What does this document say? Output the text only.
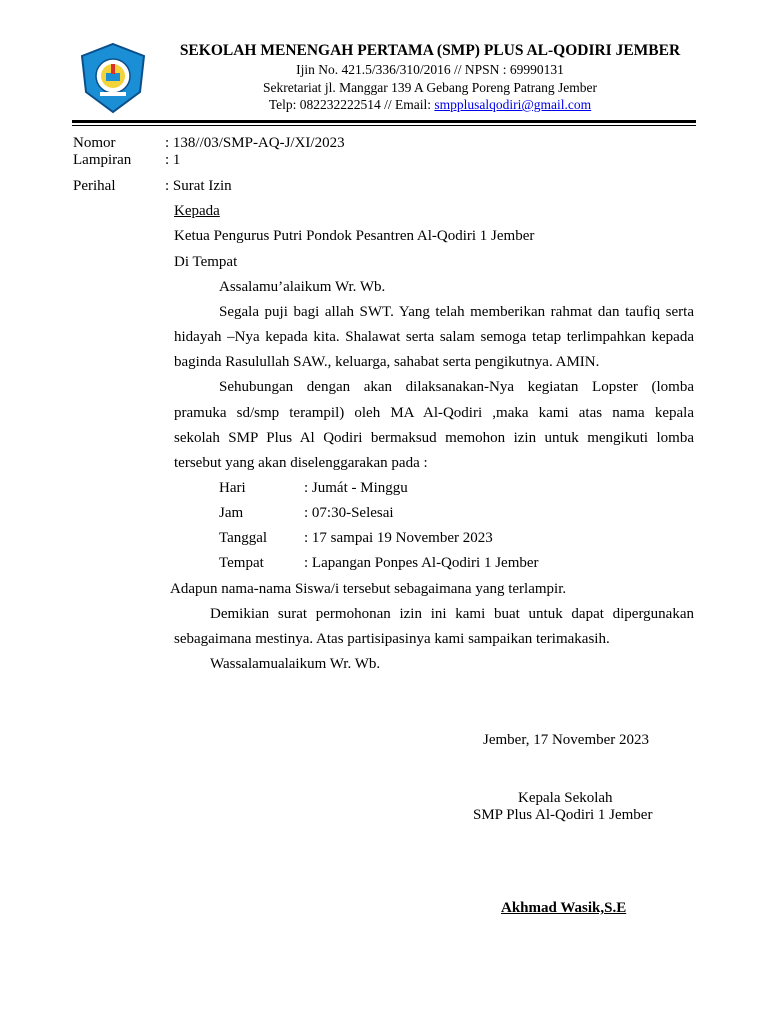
SEKOLAH MENENGAH PERTAMA (SMP) PLUS AL-QODIRI JEMBER
Ijin No. 421.5/336/310/2016 // NPSN : 69990131
Sekretariat jl. Manggar 139 A Gebang Poreng Patrang Jember
Telp: 082232222514 // Email: smpplusalqodiri@gmail.com
Nomor	: 138//03/SMP-AQ-J/XI/2023
Lampiran : 1
Perihal	: Surat Izin
Kepada
Ketua Pengurus Putri Pondok Pesantren Al-Qodiri 1 Jember
Di Tempat
Assalamu’alaikum Wr. Wb.
Segala puji bagi allah SWT. Yang telah memberikan rahmat dan taufiq serta
hidayah –Nya kepada kita. Shalawat serta salam semoga tetap terlimpahkan kepada
baginda Rasulullah SAW., keluarga, sahabat serta pengikutnya. AMIN.
Sehubungan dengan akan dilaksanakan-Nya kegiatan Lopster (lomba
pramuka sd/smp terampil) oleh MA Al-Qodiri ,maka kami atas nama kepala
sekolah SMP Plus Al Qodiri bermaksud memohon izin untuk mengikuti lomba
tersebut yang akan diselenggarakan pada :
Hari	: Jumát - Minggu
Jam	: 07:30-Selesai
Tanggal : 17 sampai 19 November 2023
Tempat	: Lapangan Ponpes Al-Qodiri 1 Jember
Adapun nama-nama Siswa/i tersebut sebagaimana yang terlampir.
Demikian surat permohonan izin ini kami buat untuk dapat dipergunakan
sebagaimana mestinya. Atas partisipasinya kami sampaikan terimakasih.
Wassalamualaikum Wr. Wb.
Jember, 17 November 2023
Kepala Sekolah
SMP Plus Al-Qodiri 1 Jember
Akhmad Wasik,S.E
